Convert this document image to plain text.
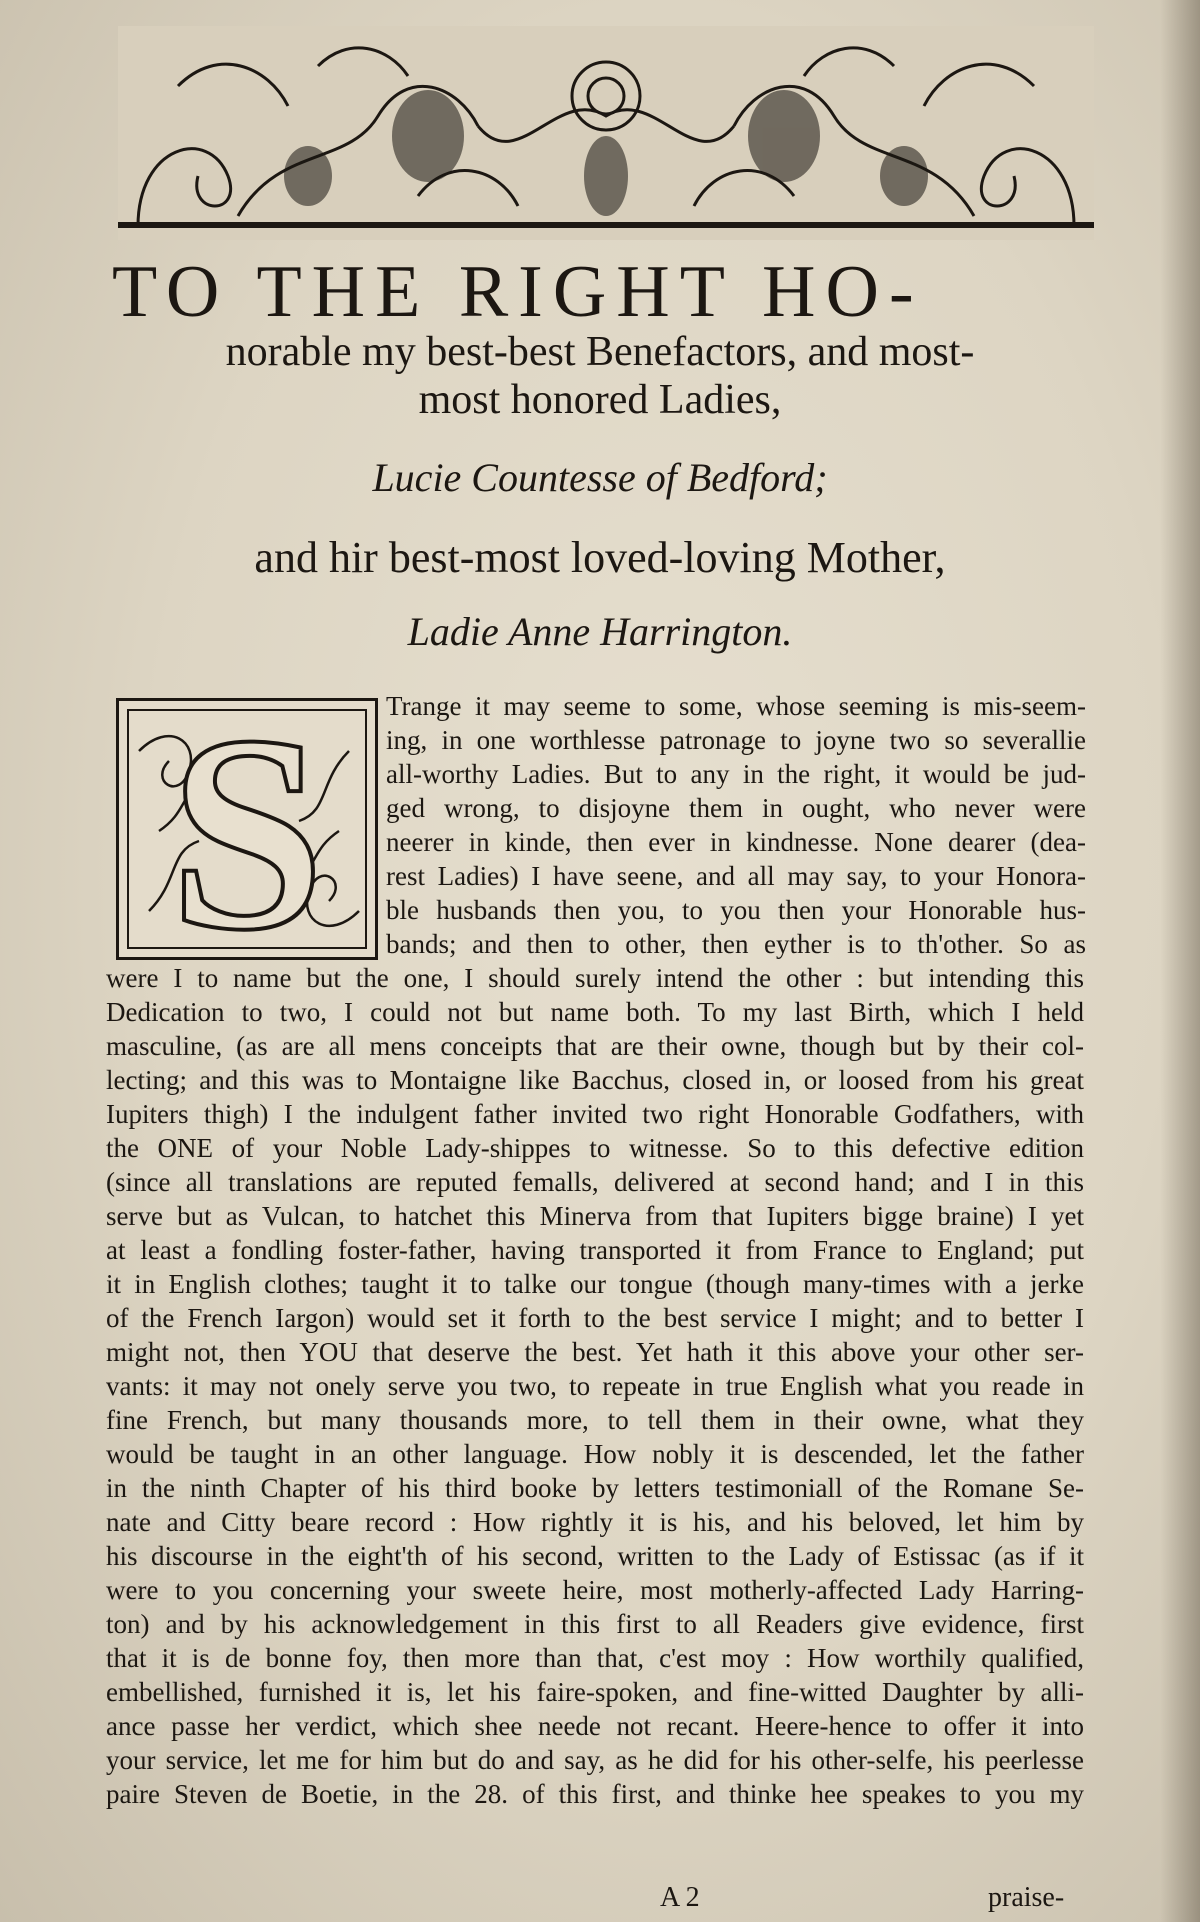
TO THE RIGHT HO-
norable my best-best Benefactors, and most-
most honored Ladies,
Lucie Countesse of Bedford;
and hir best-most loved-loving Mother,
Ladie Anne Harrington.
S	Trange it may seeme to some, whose seeming is mis-seem-
ing, in one worthlesse patronage to joyne two so severallie
all-worthy Ladies. But to any in the right, it would be jud-
ged wrong, to disjoyne them in ought, who never were
neerer in kinde, then ever in kindnesse. None dearer (dea-
rest Ladies) I have seene, and all may say, to your Honora-
ble husbands then you, to you then your Honorable hus-
bands; and then to other, then eyther is to th'other. So as
were I to name but the one, I should surely intend the other : but intending this
Dedication to two, I could not but name both. To my last Birth, which I held
masculine, (as are all mens conceipts that are their owne, though but by their col-
lecting; and this was to Montaigne like Bacchus, closed in, or loosed from his great
Iupiters thigh) I the indulgent father invited two right Honorable Godfathers, with
the ONE of your Noble Lady-shippes to witnesse. So to this defective edition
(since all translations are reputed femalls, delivered at second hand; and I in this
serve but as Vulcan, to hatchet this Minerva from that Iupiters bigge braine) I yet
at least a fondling foster-father, having transported it from France to England; put
it in English clothes; taught it to talke our tongue (though many-times with a jerke
of the French Iargon) would set it forth to the best service I might; and to better I
might not, then YOU that deserve the best. Yet hath it this above your other ser-
vants: it may not onely serve you two, to repeate in true English what you reade in
fine French, but many thousands more, to tell them in their owne, what they
would be taught in an other language. How nobly it is descended, let the father
in the ninth Chapter of his third booke by letters testimoniall of the Romane Se-
nate and Citty beare record : How rightly it is his, and his beloved, let him by
his discourse in the eight'th of his second, written to the Lady of Estissac (as if it
were to you concerning your sweete heire, most motherly-affected Lady Harring-
ton) and by his acknowledgement in this first to all Readers give evidence, first
that it is de bonne foy, then more than that, c'est moy : How worthily qualified,
embellished, furnished it is, let his faire-spoken, and fine-witted Daughter by alli-
ance passe her verdict, which shee neede not recant. Heere-hence to offer it into
your service, let me for him but do and say, as he did for his other-selfe, his peerlesse
paire Steven de Boetie, in the 28. of this first, and thinke hee speakes to you my
A 2	praise-
